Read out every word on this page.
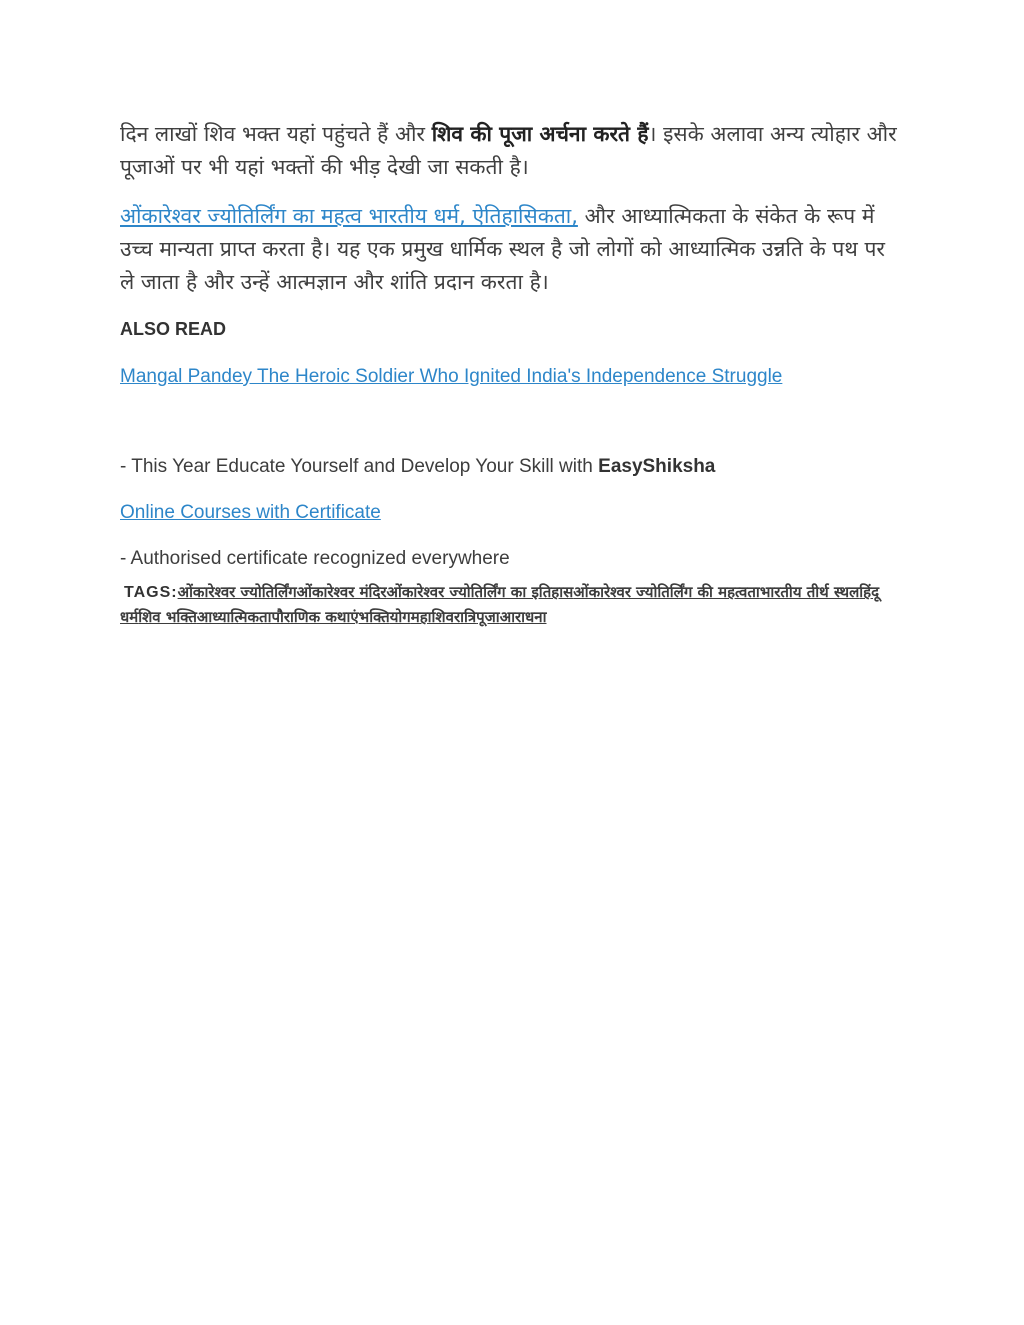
दिन लाखों शिव भक्त यहां पहुंचते हैं और शिव की पूजा अर्चना करते हैं। इसके अलावा अन्य त्योहार और पूजाओं पर भी यहां भक्तों की भीड़ देखी जा सकती है।

ओंकारेश्वर ज्योतिर्लिंग का महत्व भारतीय धर्म, ऐतिहासिकता, और आध्यात्मिकता के संकेत के रूप में उच्च मान्यता प्राप्त करता है। यह एक प्रमुख धार्मिक स्थल है जो लोगों को आध्यात्मिक उन्नति के पथ पर ले जाता है और उन्हें आत्मज्ञान और शांति प्रदान करता है।

ALSO READ
Mangal Pandey The Heroic Soldier Who Ignited India's Independence Struggle
- This Year Educate Yourself and Develop Your Skill with EasyShiksha
Online Courses with Certificate
- Authorised certificate recognized everywhere
TAGS:ओंकारेश्वर ज्योतिर्लिंगओंकारेश्वर मंदिरओंकारेश्वर ज्योतिर्लिंग का इतिहासओंकारेश्वर ज्योतिर्लिंग की महत्वताभारतीय तीर्थ स्थलहिंदू धर्मशिव भक्तिआध्यात्मिकतापौराणिक कथाएंभक्तियोगमहाशिवरात्रिपूजाआराधना
